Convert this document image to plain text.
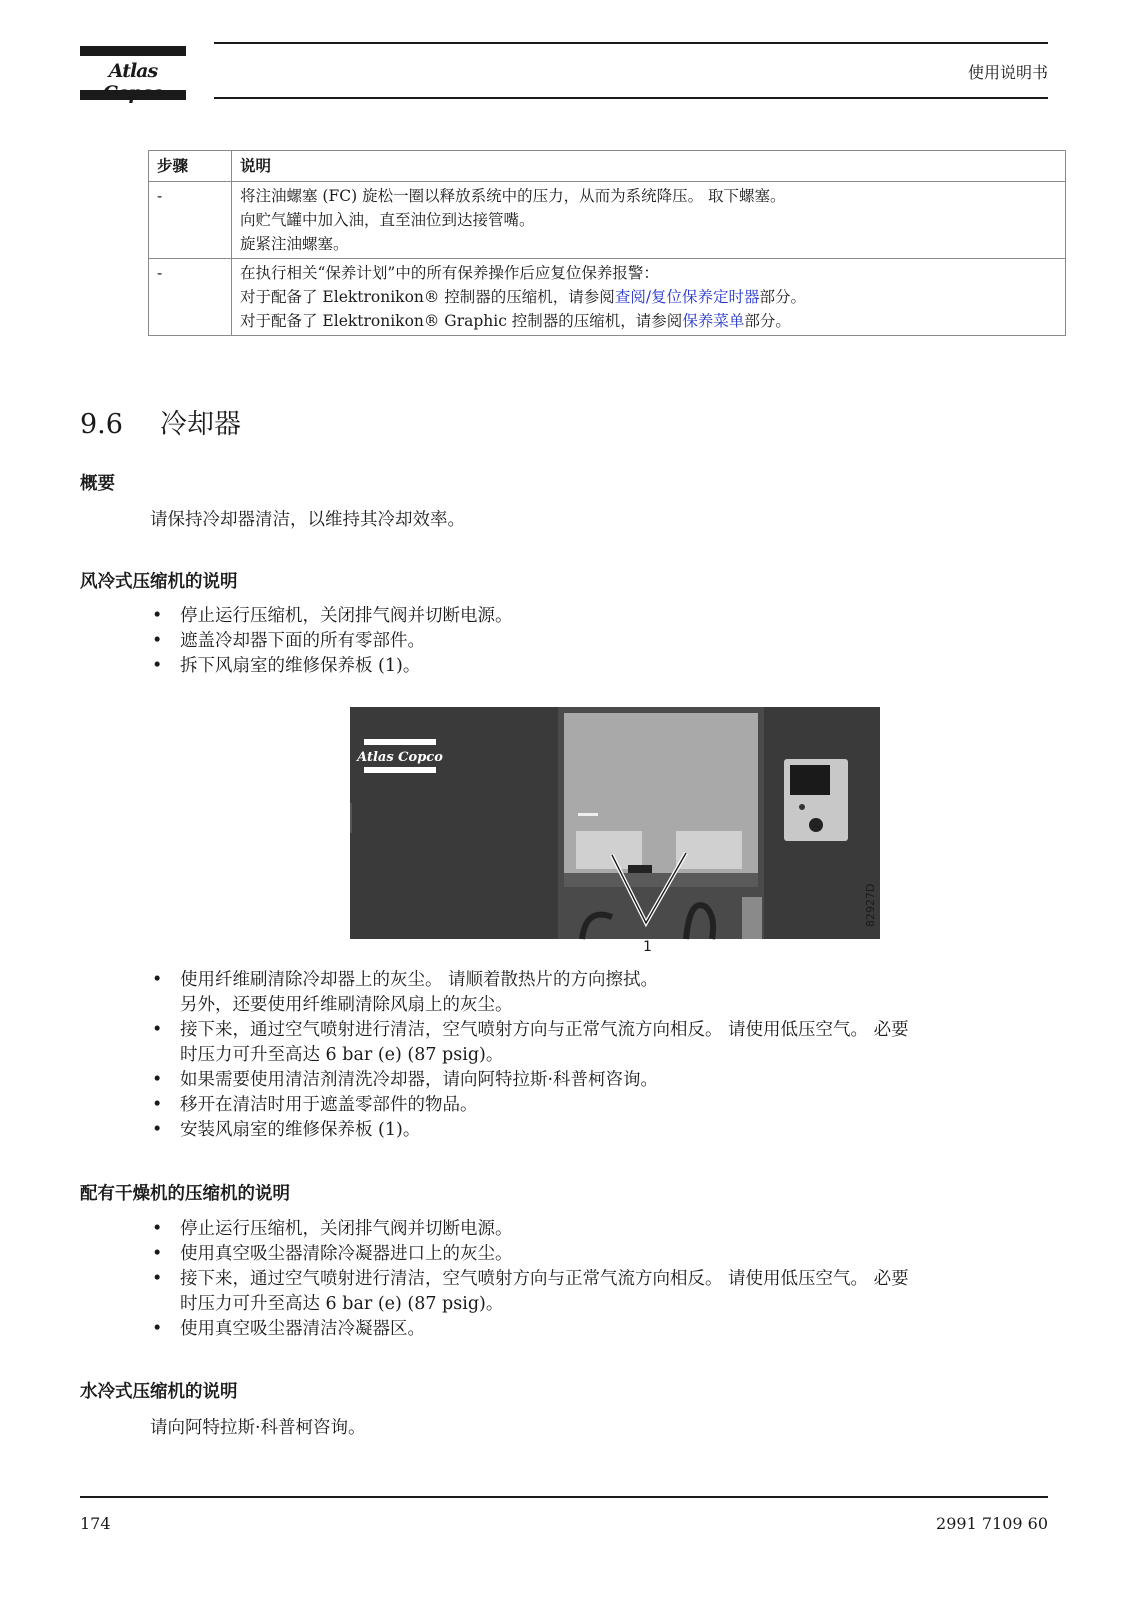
Atlas	使用说明书
步骤	说明
-	将注油螺塞 (FC) 旋松一圈以释放系统中的压力，从而为系统降压。 取下螺塞。
向贮气罐中加入油，直至油位到达接管嘴。
旋紧注油螺塞。

-	在执行相关“保养计划”中的所有保养操作后应复位保养报警：
对于配备了 Elektronikon® 控制器的压缩机，请参阅查阅/复位保养定时器部分。
对于配备了 Elektronikon® Graphic 控制器的压缩机，请参阅保养菜单部分。
9.6 冷却器
概要
请保持冷却器清洁，以维持其冷却效率。
风冷式压缩机的说明
• 停止运行压缩机，关闭排气阀并切断电源。
• 遮盖冷却器下面的所有零部件。
• 拆下风扇室的维修保养板 (1)。
1
Atlas Copco
82927D
• 使用纤维刷清除冷却器上的灰尘。 请顺着散热片的方向擦拭。
另外，还要使用纤维刷清除风扇上的灰尘。
• 接下来，通过空气喷射进行清洁，空气喷射方向与正常气流方向相反。 请使用低压空气。 必要
时压力可升至高达 6 bar (e) (87 psig)。
• 如果需要使用清洁剂清洗冷却器，请向阿特拉斯·科普柯咨询。
• 移开在清洁时用于遮盖零部件的物品。
• 安装风扇室的维修保养板 (1)。
配有干燥机的压缩机的说明
• 停止运行压缩机，关闭排气阀并切断电源。
• 使用真空吸尘器清除冷凝器进口上的灰尘。
• 接下来，通过空气喷射进行清洁，空气喷射方向与正常气流方向相反。 请使用低压空气。 必要
时压力可升至高达 6 bar (e) (87 psig)。
• 使用真空吸尘器清洁冷凝器区。
水冷式压缩机的说明
请向阿特拉斯·科普柯咨询。
174	2991 7109 60
